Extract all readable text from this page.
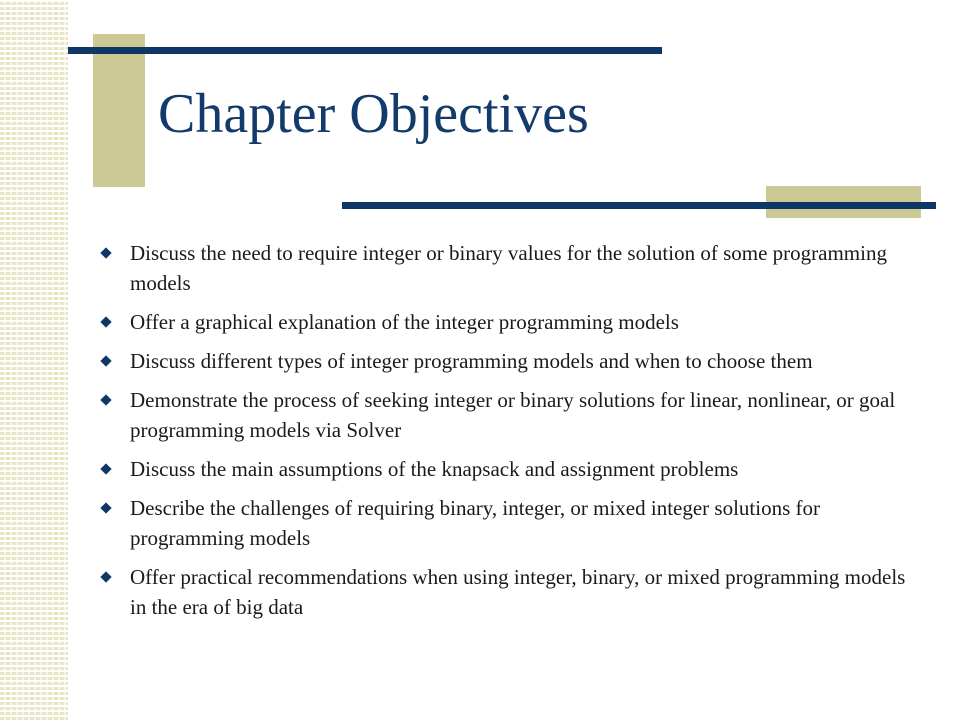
Chapter Objectives
Discuss the need to require integer or binary values for the solution of some programming models
Offer a graphical explanation of the integer programming models
Discuss different types of integer programming models and when to choose them
Demonstrate the process of seeking integer or binary solutions for linear, nonlinear, or goal programming models via Solver
Discuss the main assumptions of the knapsack and assignment problems
Describe the challenges of requiring binary, integer, or mixed integer solutions for programming models
Offer practical recommendations when using integer, binary, or mixed programming models in the era of big data
